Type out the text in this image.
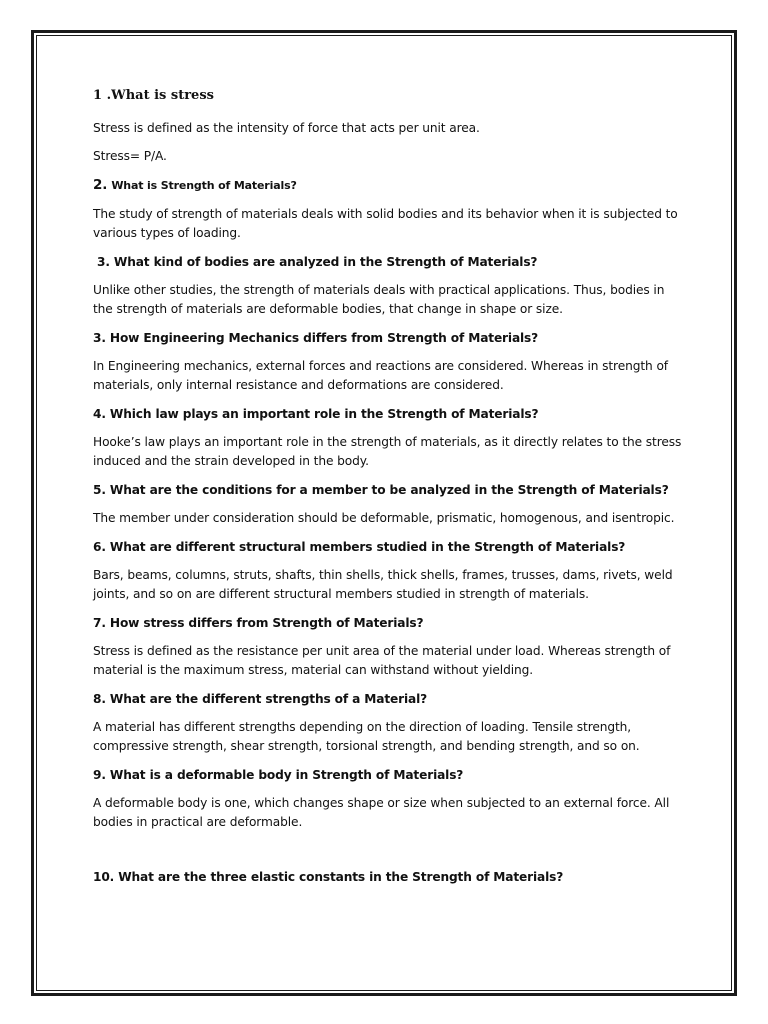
1 .What is stress

Stress is defined as the intensity of force that acts per unit area.

Stress= P/A.

2. What is Strength of Materials?

The study of strength of materials deals with solid bodies and its behavior when it is subjected to various types of loading.

3. What kind of bodies are analyzed in the Strength of Materials?

Unlike other studies, the strength of materials deals with practical applications. Thus, bodies in the strength of materials are deformable bodies, that change in shape or size.

3. How Engineering Mechanics differs from Strength of Materials?

In Engineering mechanics, external forces and reactions are considered. Whereas in strength of materials, only internal resistance and deformations are considered.

4. Which law plays an important role in the Strength of Materials?

Hooke’s law plays an important role in the strength of materials, as it directly relates to the stress induced and the strain developed in the body.

5. What are the conditions for a member to be analyzed in the Strength of Materials?

The member under consideration should be deformable, prismatic, homogenous, and isentropic.

6. What are different structural members studied in the Strength of Materials?

Bars, beams, columns, struts, shafts, thin shells, thick shells, frames, trusses, dams, rivets, weld joints, and so on are different structural members studied in strength of materials.

7. How stress differs from Strength of Materials?

Stress is defined as the resistance per unit area of the material under load. Whereas strength of material is the maximum stress, material can withstand without yielding.

8. What are the different strengths of a Material?

A material has different strengths depending on the direction of loading. Tensile strength, compressive strength, shear strength, torsional strength, and bending strength, and so on.

9. What is a deformable body in Strength of Materials?

A deformable body is one, which changes shape or size when subjected to an external force. All bodies in practical are deformable.

10. What are the three elastic constants in the Strength of Materials?
